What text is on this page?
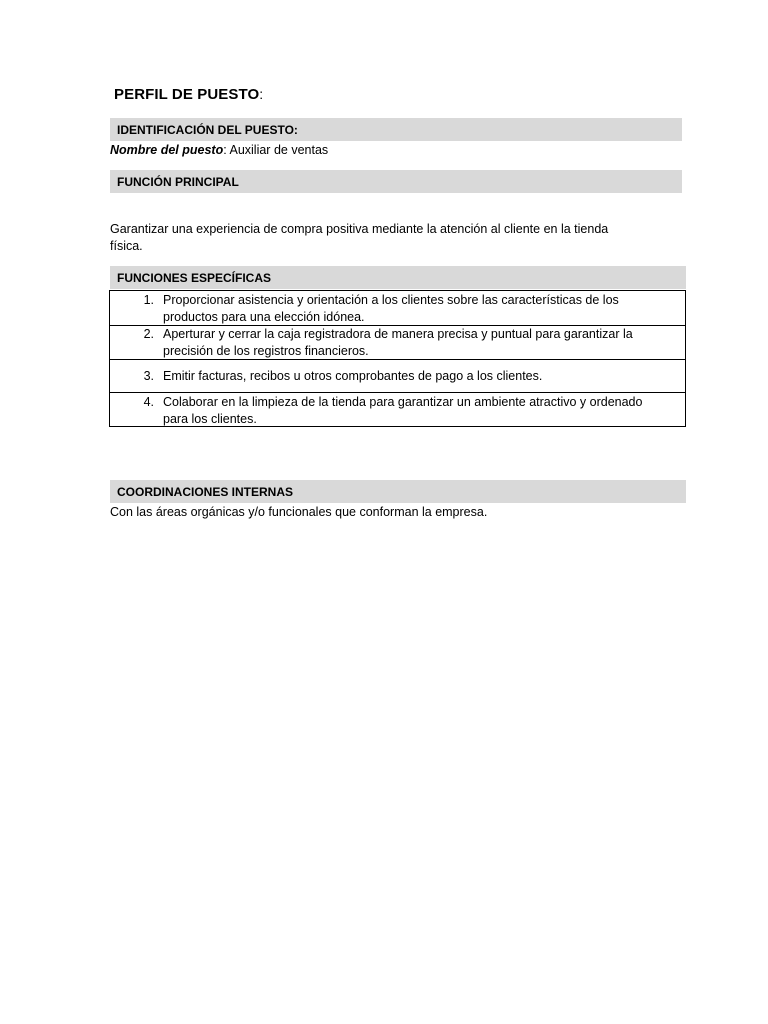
PERFIL DE PUESTO:
IDENTIFICACIÓN DEL PUESTO:
Nombre del puesto: Auxiliar de ventas
FUNCIÓN PRINCIPAL
Garantizar una experiencia de compra positiva mediante la atención al cliente en la tienda
física.
FUNCIONES ESPECÍFICAS
1. Proporcionar asistencia y orientación a los clientes sobre las características de los
productos para una elección idónea.
2. Aperturar y cerrar la caja registradora de manera precisa y puntual para garantizar la
precisión de los registros financieros.
3. Emitir facturas, recibos u otros comprobantes de pago a los clientes.
4. Colaborar en la limpieza de la tienda para garantizar un ambiente atractivo y ordenado
para los clientes.
COORDINACIONES INTERNAS
Con las áreas orgánicas y/o funcionales que conforman la empresa.
